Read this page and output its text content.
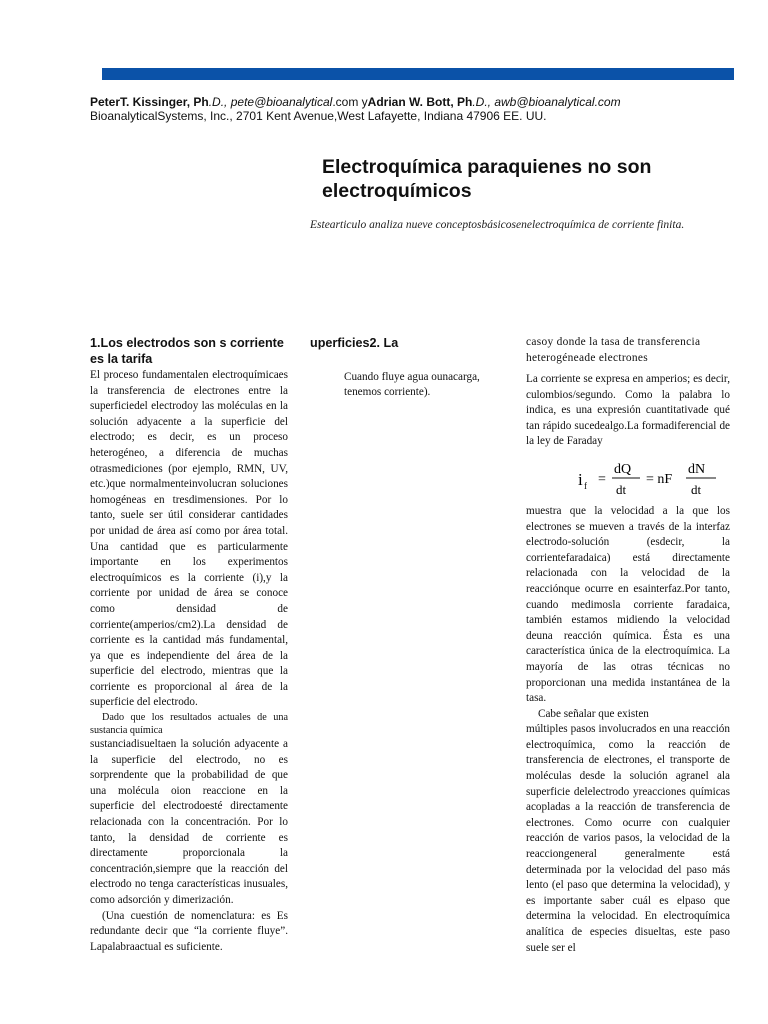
PeterT. Kissinger, Ph.D., pete@bioanalytical.com yAdrian W. Bott, Ph.D., awb@bioanalytical.com
BioanalyticalSystems, Inc., 2701 Kent Avenue,West Lafayette, Indiana 47906 EE. UU.
Electroquímica paraquienes no son electroquímicos
Estearticulo analiza nueve conceptosbásicosenelectroquímica de corriente finita.
1.Los electrodos son s corriente es la tarifa

El proceso fundamentalen electroquímicaes la transferencia de electrones entre la superficiedel electrodoy las moléculas en la solución adyacente a la superficie del electrodo; es decir, es un proceso heterogéneo, a diferencia de muchas otrasmediciones (por ejemplo, RMN, UV, etc.)que normalmenteinvolucran soluciones homogéneas en tresdimensiones. Por lo tanto, suele ser útil considerar cantidades por unidad de área así como por área total. Una cantidad que es particularmente importante en los experimentos electroquímicos es la corriente (i),y la corriente por unidad de área se conoce como densidad de corriente(amperios/cm2).La densidad de corriente es la cantidad más fundamental, ya que es independiente del área de la superficie del electrodo, mientras que la corriente es proporcional al área de la superficie del electrodo.

Dado que los resultados actuales de una sustancia química

sustanciadisueltaen la solución adyacente a la superficie del electrodo, no es sorprendente que la probabilidad de que una molécula oion reaccione en la superficie del electrodoesté directamente relacionada con la concentración. Por lo tanto, la densidad de corriente es directamente proporcionala la concentración,siempre que la reacción del electrodo no tenga características inusuales, como adsorción y dimerización.

(Una cuestión de nomenclatura: es Es redundante decir que “la corriente fluye”. Lapalabraactual es suficiente.

uperficies2. La

Cuando fluye agua ounacarga, tenemos corriente).

casoy donde la tasa de transferencia heterogéneade electrones

La corriente se expresa en amperios; es decir, culombios/segundo. Como la palabra lo indica, es una expresión cuantitativade qué tan rápido sucedealgo.La formadiferencial de la ley de Faraday

i f =
dQ
dt
= nF
dN
dt

muestra que la velocidad a la que los electrones se mueven a través de la interfaz electrodo-solución (esdecir, la corrientefaradaica) está directamente relacionada con la velocidad de la reacciónque ocurre en esainterfaz.Por tanto, cuando medimosla corriente faradaica, también estamos midiendo la velocidad deuna reacción química. Ésta es una característica única de la electroquímica. La mayoría de las otras técnicas no proporcionan una medida instantánea de la tasa.

Cabe señalar que existen

múltiples pasos involucrados en una reacción electroquímica, como la reacción de transferencia de electrones, el transporte de moléculas desde la solución agranel ala superficie delelectrodo yreacciones químicas acopladas a la reacción de transferencia de electrones. Como ocurre con cualquier reacción de varios pasos, la velocidad de la reacciongeneral generalmente está determinada por la velocidad del paso más lento (el paso que determina la velocidad), y es importante saber cuál es elpaso que determina la velocidad. En electroquímica analítica de especies disueltas, este paso suele ser el
